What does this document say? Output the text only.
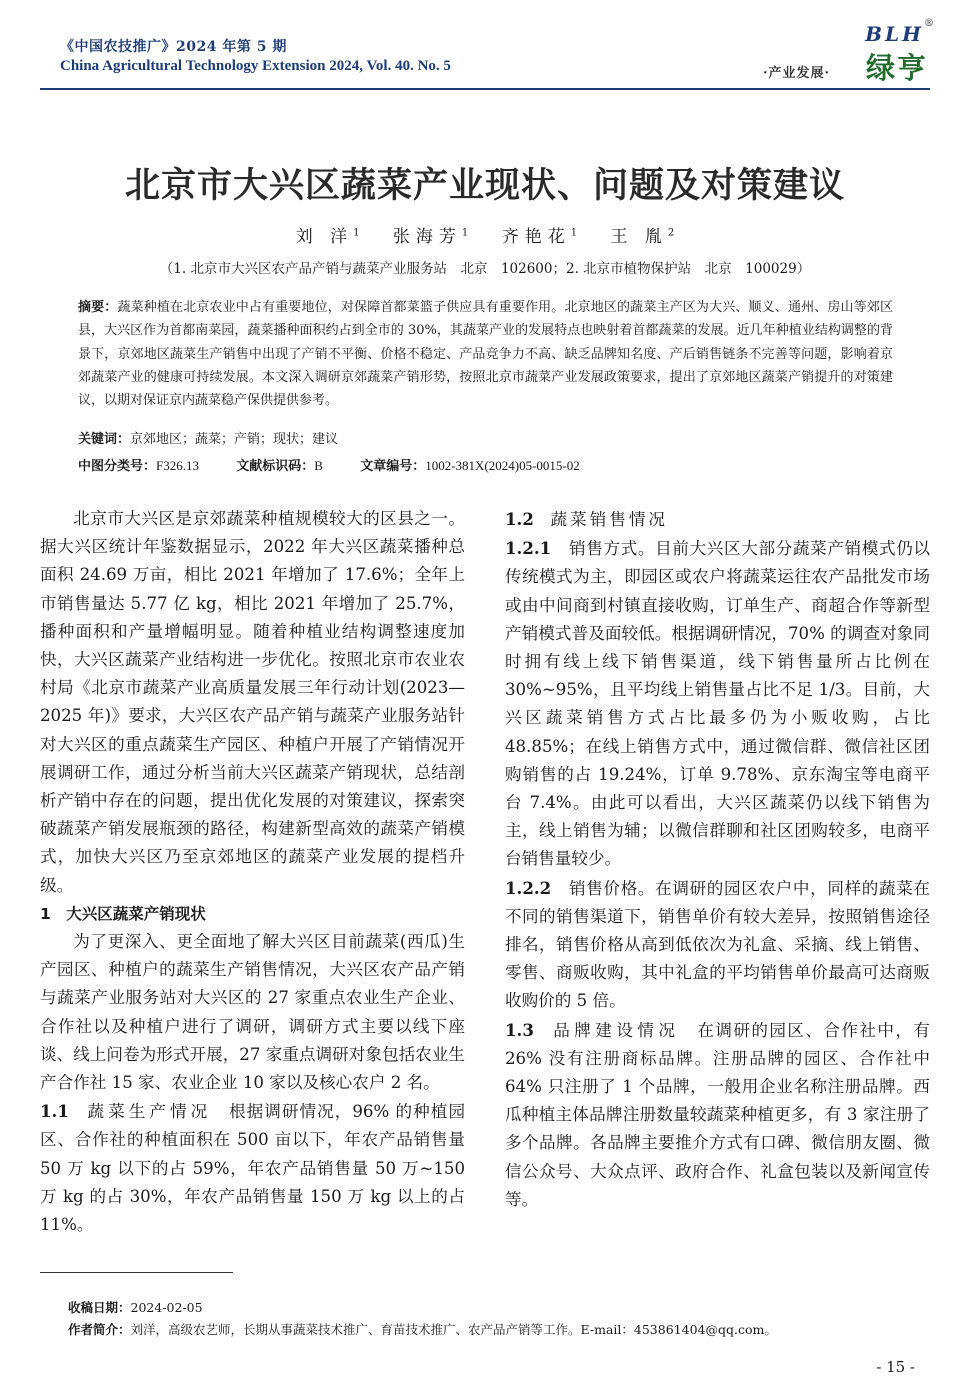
《中国农技推广》2024 年第 5 期
China Agricultural Technology Extension 2024, Vol. 40. No. 5	·产业发展·
BLH ®
绿亨
北京市大兴区蔬菜产业现状、问题及对策建议
刘 洋$^1$ 张海芳$^1$ 齐艳花$^1$ 王 胤$^2$
（1. 北京市大兴区农产品产销与蔬菜产业服务站　北京　102600；2. 北京市植物保护站　北京　100029）
摘要：蔬菜种植在北京农业中占有重要地位，对保障首都菜篮子供应具有重要作用。北京地区的蔬菜主产区为大兴、顺义、通州、房山等郊区县，大兴区作为首都南菜园，蔬菜播种面积约占到全市的 30%，其蔬菜产业的发展特点也映射着首都蔬菜的发展。近几年种植业结构调整的背景下，京郊地区蔬菜生产销售中出现了产销不平衡、价格不稳定、产品竞争力不高、缺乏品牌知名度、产后销售链条不完善等问题，影响着京郊蔬菜产业的健康可持续发展。本文深入调研京郊蔬菜产销形势，按照北京市蔬菜产业发展政策要求，提出了京郊地区蔬菜产销提升的对策建议，以期对保证京内蔬菜稳产保供提供参考。
关键词：京郊地区；蔬菜；产销；现状；建议
中图分类号：F326.13	文献标识码：B	文章编号：1002-381X(2024)05-0015-02

北京市大兴区是京郊蔬菜种植规模较大的区县之一。据大兴区统计年鉴数据显示，2022 年大兴区蔬菜播种总面积 24.69 万亩，相比 2021 年增加了 17.6%；全年上市销售量达 5.77 亿 kg，相比 2021 年增加了 25.7%，播种面积和产量增幅明显。随着种植业结构调整速度加快，大兴区蔬菜产业结构进一步优化。按照北京市农业农村局《北京市蔬菜产业高质量发展三年行动计划(2023—2025 年)》要求，大兴区农产品产销与蔬菜产业服务站针对大兴区的重点蔬菜生产园区、种植户开展了产销情况开展调研工作，通过分析当前大兴区蔬菜产销现状，总结剖析产销中存在的问题，提出优化发展的对策建议，探索突破蔬菜产销发展瓶颈的路径，构建新型高效的蔬菜产销模式，加快大兴区乃至京郊地区的蔬菜产业发展的提档升级。

1　大兴区蔬菜产销现状

为了更深入、更全面地了解大兴区目前蔬菜(西瓜)生产园区、种植户的蔬菜生产销售情况，大兴区农产品产销与蔬菜产业服务站对大兴区的 27 家重点农业生产企业、合作社以及种植户进行了调研，调研方式主要以线下座谈、线上问卷为形式开展，27 家重点调研对象包括农业生产合作社 15 家、农业企业 10 家以及核心农户 2 名。

1.1　 蔬菜生产情况　 根据调研情况，96% 的种植园区、合作社的种植面积在 500 亩以下，年农产品销售量 50 万 kg 以下的占 59%，年农产品销售量 50 万~150 万 kg 的占 30%，年农产品销售量 150 万 kg 以上的占 11%。

1.2　 蔬菜销售情况

1.2.1　 销售方式。目前大兴区大部分蔬菜产销模式仍以传统模式为主，即园区或农户将蔬菜运往农产品批发市场或由中间商到村镇直接收购，订单生产、商超合作等新型产销模式普及面较低。根据调研情况，70% 的调查对象同时拥有线上线下销售渠道，线下销售量所占比例在 30%~95%，且平均线上销售量占比不足 1/3。目前，大兴区蔬菜销售方式占比最多仍为小贩收购，占比 48.85%；在线上销售方式中，通过微信群、微信社区团购销售的占 19.24%，订单 9.78%、京东淘宝等电商平台 7.4%。由此可以看出，大兴区蔬菜仍以线下销售为主，线上销售为辅；以微信群聊和社区团购较多，电商平台销售量较少。

1.2.2　 销售价格。在调研的园区农户中，同样的蔬菜在不同的销售渠道下，销售单价有较大差异，按照销售途径排名，销售价格从高到低依次为礼盒、采摘、线上销售、零售、商贩收购，其中礼盒的平均销售单价最高可达商贩收购价的 5 倍。

1.3　 品牌建设情况　 在调研的园区、合作社中，有 26% 没有注册商标品牌。注册品牌的园区、合作社中 64% 只注册了 1 个品牌，一般用企业名称注册品牌。西瓜种植主体品牌注册数量较蔬菜种植更多，有 3 家注册了多个品牌。各品牌主要推介方式有口碑、微信朋友圈、微信公众号、大众点评、政府合作、礼盒包装以及新闻宣传等。

收稿日期：2024-02-05
作者简介：刘洋，高级农艺师，长期从事蔬菜技术推广、育苗技术推广、农产品产销等工作。E-mail：453861404@qq.com。
- 15 -
